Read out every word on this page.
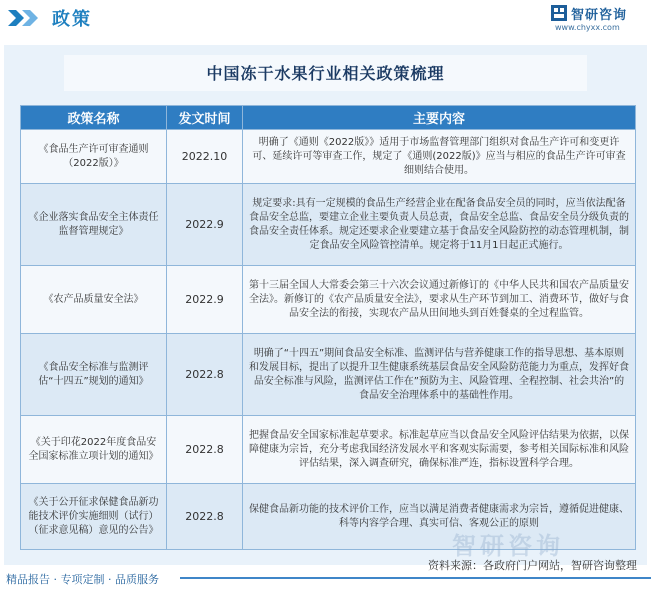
政策	智研咨询
www.chyxx.com
中国冻干水果行业相关政策梳理
政策名称	发文时间	主要内容
《食品生产许可审查通则（2022版）》	2022.10	明确了《通则《2022版》》适用于市场监督管理部门组织对食品生产许可和变更许可、延续许可等审查工作，规定了《通则(2022版)》应当与相应的食品生产许可审查细则结合使用。
《企业落实食品安全主体责任监督管理规定》	2022.9	规定要求:具有一定规模的食品生产经营企业在配备食品安全员的同时，应当依法配备食品安全总监，要建立企业主要负责人员总责，食品安全总监、食品安全员分级负责的食品安全责任体系。规定还要求企业要建立基于食品安全风险防控的动态管理机制，制定食品安全风险管控清单。规定将于11月1日起正式施行。
《农产品质量安全法》	2022.9	第十三届全国人大常委会第三十六次会议通过新修订的《中华人民共和国农产品质量安全法》。新修订的《农产品质量安全法》，要求从生产环节到加工、消费环节，做好与食品安全法的衔接，实现农产品从田间地头到百姓餐桌的全过程监管。
《食品安全标准与监测评估“十四五”规划的通知》	2022.8	明确了“十四五”期间食品安全标准、监测评估与营养健康工作的指导思想、基本原则和发展目标，提出了以提升卫生健康系统基层食品安全风险防范能力为重点，发挥好食品安全标准与风险，监测评估工作在”预防为主、风险管理、全程控制、社会共治”的食品安全治理体系中的基础性作用。
《关于印花2022年度食品安全国家标准立项计划的通知》	2022.8	把握食品安全国家标准起草要求。标准起草应当以食品安全风险评估结果为依据，以保障健康为宗旨，充分考虑我国经济发展水平和客观实际需要，参考相关国际标准和风险评估结果，深入调查研究，确保标准严连，指标设置科学合理。
《关于公开征求保健食品新功能技术评价实施细则（试行）（征求意见稿）意见的公告》	2022.8	保健食品新功能的技术评价工作，应当以满足消费者健康需求为宗旨，遵循促进健康、科等内容学合理、真实可信、客观公正的原则
资料来源：各政府门户网站，智研咨询整理
智研咨询
精品报告 · 专项定制 · 品质服务
